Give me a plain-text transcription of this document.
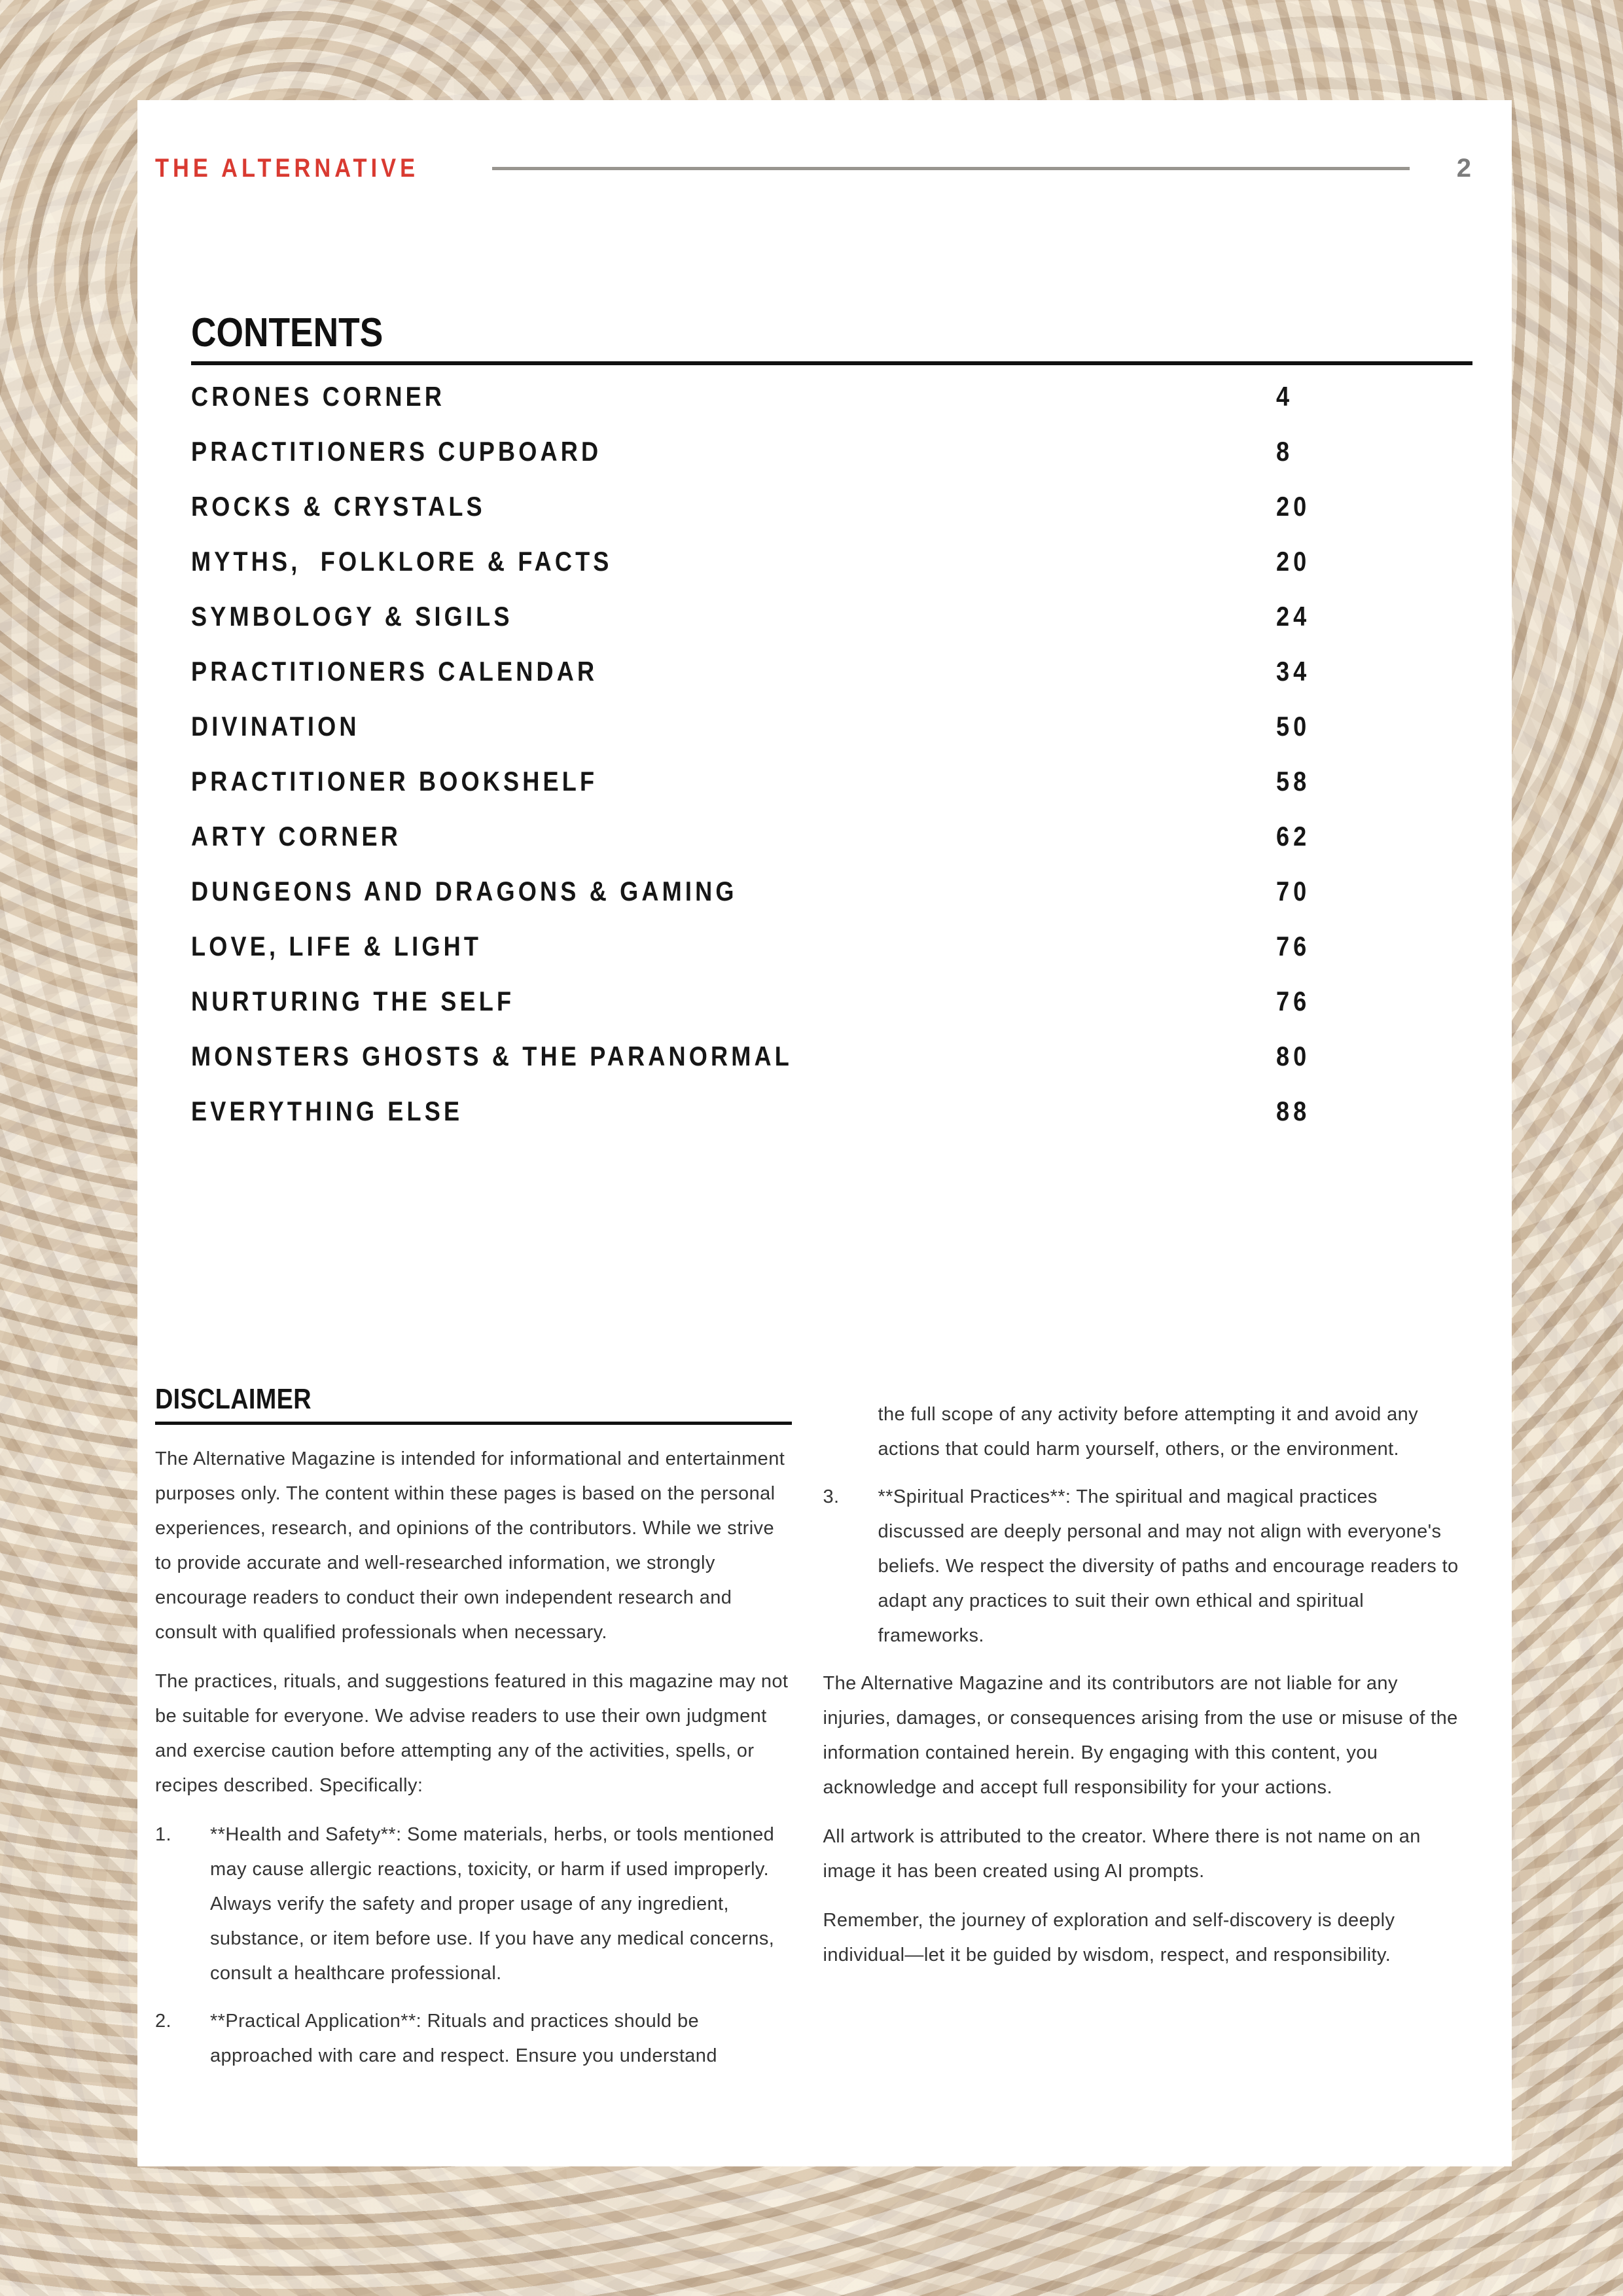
THE ALTERNATIVE	2
CONTENTS
CRONES CORNER	4
PRACTITIONERS CUPBOARD	8
ROCKS & CRYSTALS	20
MYTHS,  FOLKLORE & FACTS	20
SYMBOLOGY & SIGILS	24
PRACTITIONERS CALENDAR	34
DIVINATION	50
PRACTITIONER BOOKSHELF	58
ARTY CORNER	62
DUNGEONS AND DRAGONS & GAMING	70
LOVE, LIFE & LIGHT	76
NURTURING THE SELF	76
MONSTERS GHOSTS & THE PARANORMAL	80
EVERYTHING ELSE	88
DISCLAIMER

The Alternative Magazine is intended for informational and entertainment purposes only. The content within these pages is based on the personal experiences, research, and opinions of the contributors. While we strive to provide accurate and well-researched information, we strongly encourage readers to conduct their own independent research and consult with qualified professionals when necessary.

The practices, rituals, and suggestions featured in this magazine may not be suitable for everyone. We advise readers to use their own judgment and exercise caution before attempting any of the activities, spells, or recipes described. Specifically:

1.	**Health and Safety**: Some materials, herbs, or tools mentioned may cause allergic reactions, toxicity, or harm if used improperly. Always verify the safety and proper usage of any ingredient, substance, or item before use. If you have any medical concerns, consult a healthcare professional.
2.	**Practical Application**: Rituals and practices should be approached with care and respect. Ensure you understand
the full scope of any activity before attempting it and avoid any actions that could harm yourself, others, or the environment.
3.	**Spiritual Practices**: The spiritual and magical practices discussed are deeply personal and may not align with everyone's beliefs. We respect the diversity of paths and encourage readers to adapt any practices to suit their own ethical and spiritual frameworks.

The Alternative Magazine and its contributors are not liable for any injuries, damages, or consequences arising from the use or misuse of the information contained herein. By engaging with this content, you acknowledge and accept full responsibility for your actions.

All artwork is attributed to the creator. Where there is not name on an image it has been created using AI prompts.

Remember, the journey of exploration and self-discovery is deeply individual—let it be guided by wisdom, respect, and responsibility.
